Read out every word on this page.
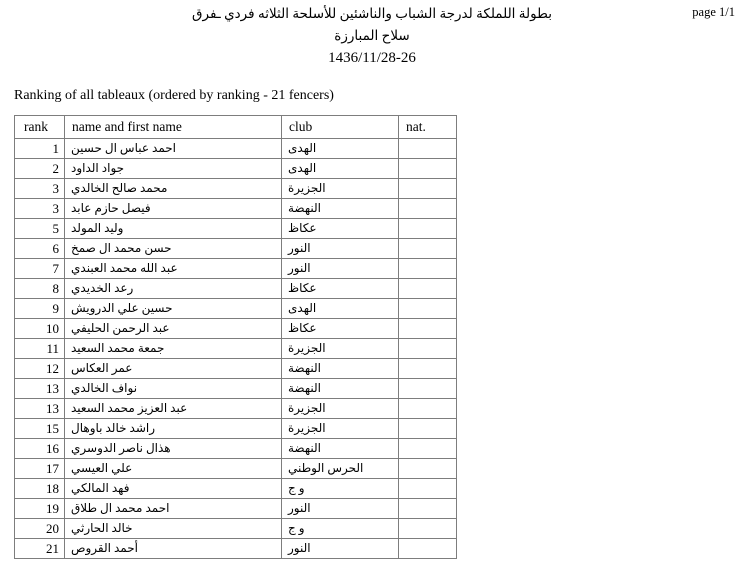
page 1/1
بطولة اللملكة لدرجة الشباب والناشئين للأسلحة الثلاثه فردي ـفرق
سلاح المبارزة
1436/11/28-26
Ranking of all tableaux (ordered by ranking - 21 fencers)
rank	name and first name	club	nat.
1	احمد عباس ال حسين	الهدى	
2	جواد الداود	الهدى	
3	محمد صالح الخالدي	الجزيرة	
3	فيصل حازم عابد	النهضة	
5	وليد المولد	عكاظ	
6	حسن محمد ال صمخ	النور	
7	عبد الله محمد العبندي	النور	
8	رعد الخديدي	عكاظ	
9	حسين علي الدرويش	الهدى	
10	عبد الرحمن الحليفي	عكاظ	
11	جمعة محمد السعيد	الجزيرة	
12	عمر العكاس	النهضة	
13	نواف الخالدي	النهضة	
13	عبد العزيز محمد السعيد	الجزيرة	
15	راشد خالد باوهال	الجزيرة	
16	هذال ناصر الدوسري	النهضة	
17	علي العيسي	الحرس الوطني	
18	فهد المالكي	و ج	
19	احمد محمد ال طلاق	النور	
20	خالد الحارثي	و ج	
21	أحمد القروص	النور	
